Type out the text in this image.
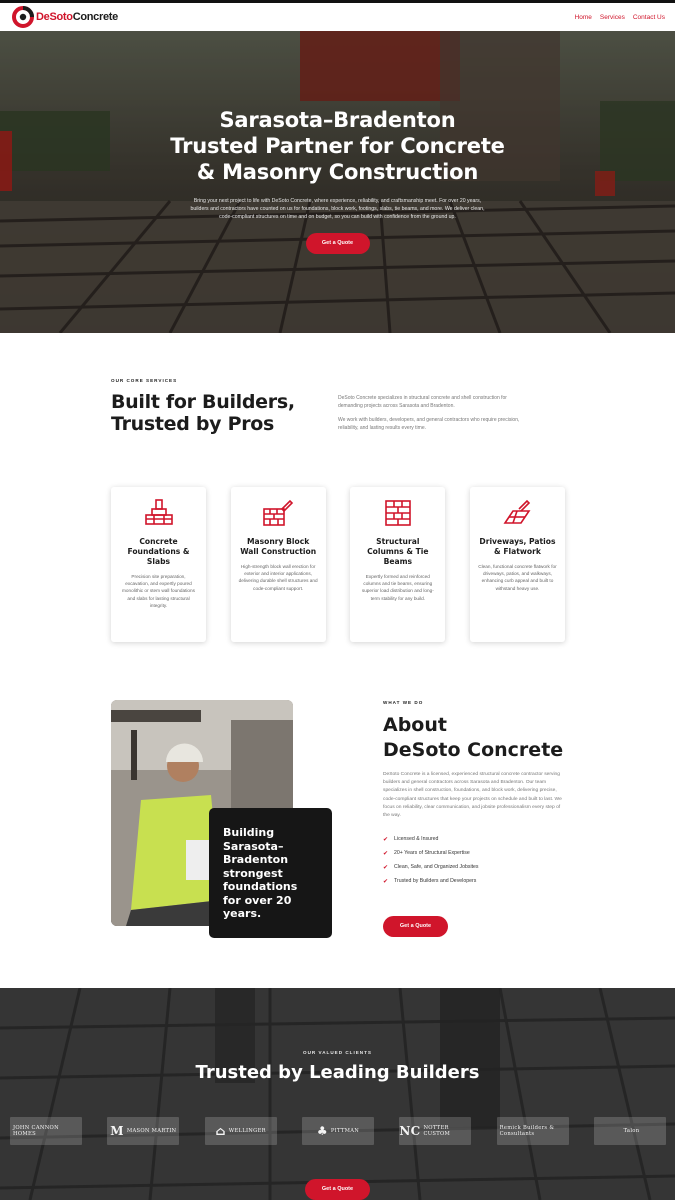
DeSotoConcrete	Home Services Contact Us
Sarasota–Bradenton
Trusted Partner for Concrete
& Masonry Construction

Bring your next project to life with DeSoto Concrete, where experience, reliability, and craftsmanship meet. For over 20 years, builders and contractors have counted on us for foundations, block work, footings, slabs, tie beams, and more. We deliver clean, code-compliant structures on time and on budget, so you can build with confidence from the ground up.

Get a Quote
OUR CORE SERVICES
Built for Builders,
Trusted by Pros

DeSoto Concrete specializes in structural concrete and shell construction for demanding projects across Sarasota and Bradenton.

We work with builders, developers, and general contractors who require precision, reliability, and lasting results every time.

Concrete Foundations & Slabs
Precision site preparation, excavation, and expertly poured monolithic or stem wall foundations and slabs for lasting structural integrity.
Masonry Block Wall Construction
High-strength block wall erection for exterior and interior applications, delivering durable shell structures and code-compliant support.
Structural Columns & Tie Beams
Expertly formed and reinforced columns and tie beams, ensuring superior load distribution and long-term stability for any build.
Driveways, Patios & Flatwork
Clean, functional concrete flatwork for driveways, patios, and walkways, enhancing curb appeal and built to withstand heavy use.
Building Sarasota–Bradenton strongest foundations for over 20 years.
WHAT WE DO
About
DeSoto Concrete

DeSoto Concrete is a licensed, experienced structural concrete contractor serving builders and general contractors across Sarasota and Bradenton. Our team specializes in shell construction, foundations, and block work, delivering precise, code-compliant structures that keep your projects on schedule and built to last. We focus on reliability, clear communication, and jobsite professionalism every step of the way.

✔ Licensed & Insured
✔ 20+ Years of Structural Expertise
✔ Clean, Safe, and Organized Jobsites
✔ Trusted by Builders and Developers
Get a Quote
OUR VALUED CLIENTS
Trusted by Leading Builders
JOHN CANNON HOMES	M MASON MARTIN	⌂ WELLINGER	♣ PITTMAN	NC NOTTER CUSTOM
Remick Builders & Consultants	Talon
Get a Quote
